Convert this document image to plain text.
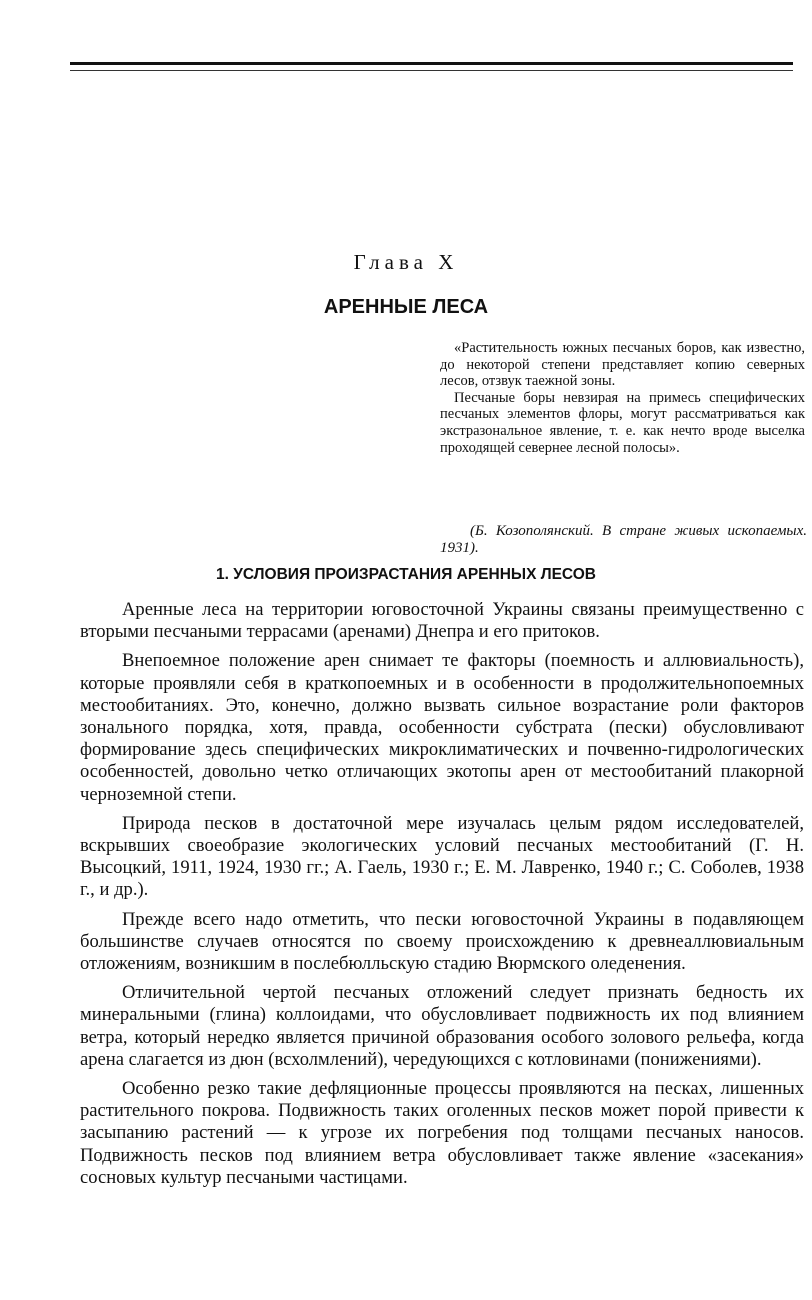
Глава X
АРЕННЫЕ ЛЕСА

«Растительность южных песчаных боров, как известно, до некоторой степени представляет копию северных лесов, отзвук таежной зоны.

Песчаные боры невзирая на примесь специфических песчаных элементов флоры, могут рассматриваться как экстразональное явление, т. е. как нечто вроде выселка проходящей севернее лесной полосы».

(Б. Козополянский. В стране живых ископаемых. 1931).
1. УСЛОВИЯ ПРОИЗРАСТАНИЯ АРЕННЫХ ЛЕСОВ

Аренные леса на территории юговосточной Украины связаны преимущественно с вторыми песчаными террасами (аренами) Днепра и его притоков.

Внепоемное положение арен снимает те факторы (поемность и аллювиальность), которые проявляли себя в краткопоемных и в особенности в продолжительнопоемных местообитаниях. Это, конечно, должно вызвать сильное возрастание роли факторов зонального порядка, хотя, правда, особенности субстрата (пески) обусловливают формирование здесь специфических микроклиматических и почвенно-гидрологических особенностей, довольно четко отличающих экотопы арен от местообитаний плакорной черноземной степи.

Природа песков в достаточной мере изучалась целым рядом исследователей, вскрывших своеобразие экологических условий песчаных местообитаний (Г. Н. Высоцкий, 1911, 1924, 1930 гг.; А. Гаель, 1930 г.; Е. М. Лавренко, 1940 г.; С. Соболев, 1938 г., и др.).

Прежде всего надо отметить, что пески юговосточной Украины в подавляющем большинстве случаев относятся по своему происхождению к древнеаллювиальным отложениям, возникшим в послебюлльскую стадию Вюрмского оледенения.

Отличительной чертой песчаных отложений следует признать бедность их минеральными (глина) коллоидами, что обусловливает подвижность их под влиянием ветра, который нередко является причиной образования особого золового рельефа, когда арена слагается из дюн (всхолмлений), чередующихся с котловинами (понижениями).

Особенно резко такие дефляционные процессы проявляются на песках, лишенных растительного покрова. Подвижность таких оголенных песков может порой привести к засыпанию растений — к угрозе их погребения под толщами песчаных наносов. Подвижность песков под влиянием ветра обусловливает также явление «засекания» сосновых культур песчаными частицами.
